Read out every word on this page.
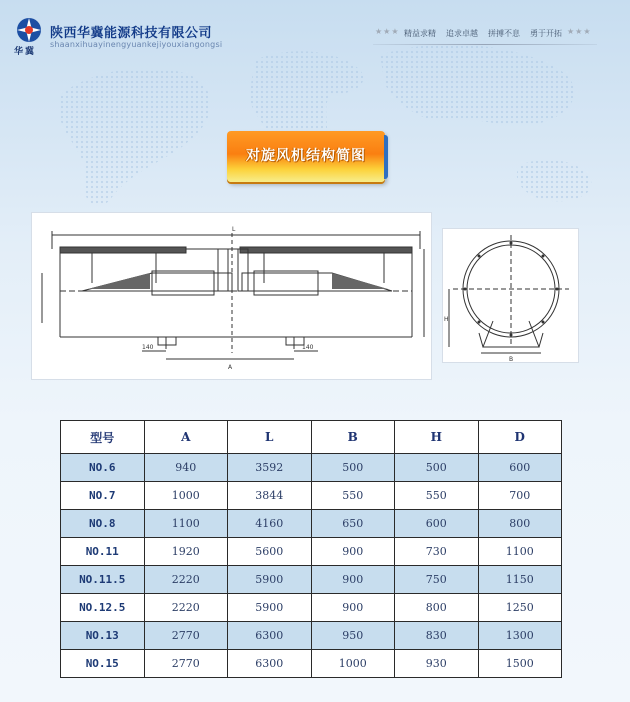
华冀
陕西华冀能源科技有限公司
shaanxihuayinengyuankejiyouxiangongsi
★★★ 精益求精 追求卓越 拼搏不息 勇于开拓 ★★★
对旋风机结构简图
L
A
140	140
H
B
型号	A	L	B	H	D
NO.6	940	3592	500	500	600
NO.7	1000	3844	550	550	700
NO.8	1100	4160	650	600	800
NO.11	1920	5600	900	730	1100
NO.11.5	2220	5900	900	750	1150
NO.12.5	2220	5900	900	800	1250
NO.13	2770	6300	950	830	1300
NO.15	2770	6300	1000	930	1500
